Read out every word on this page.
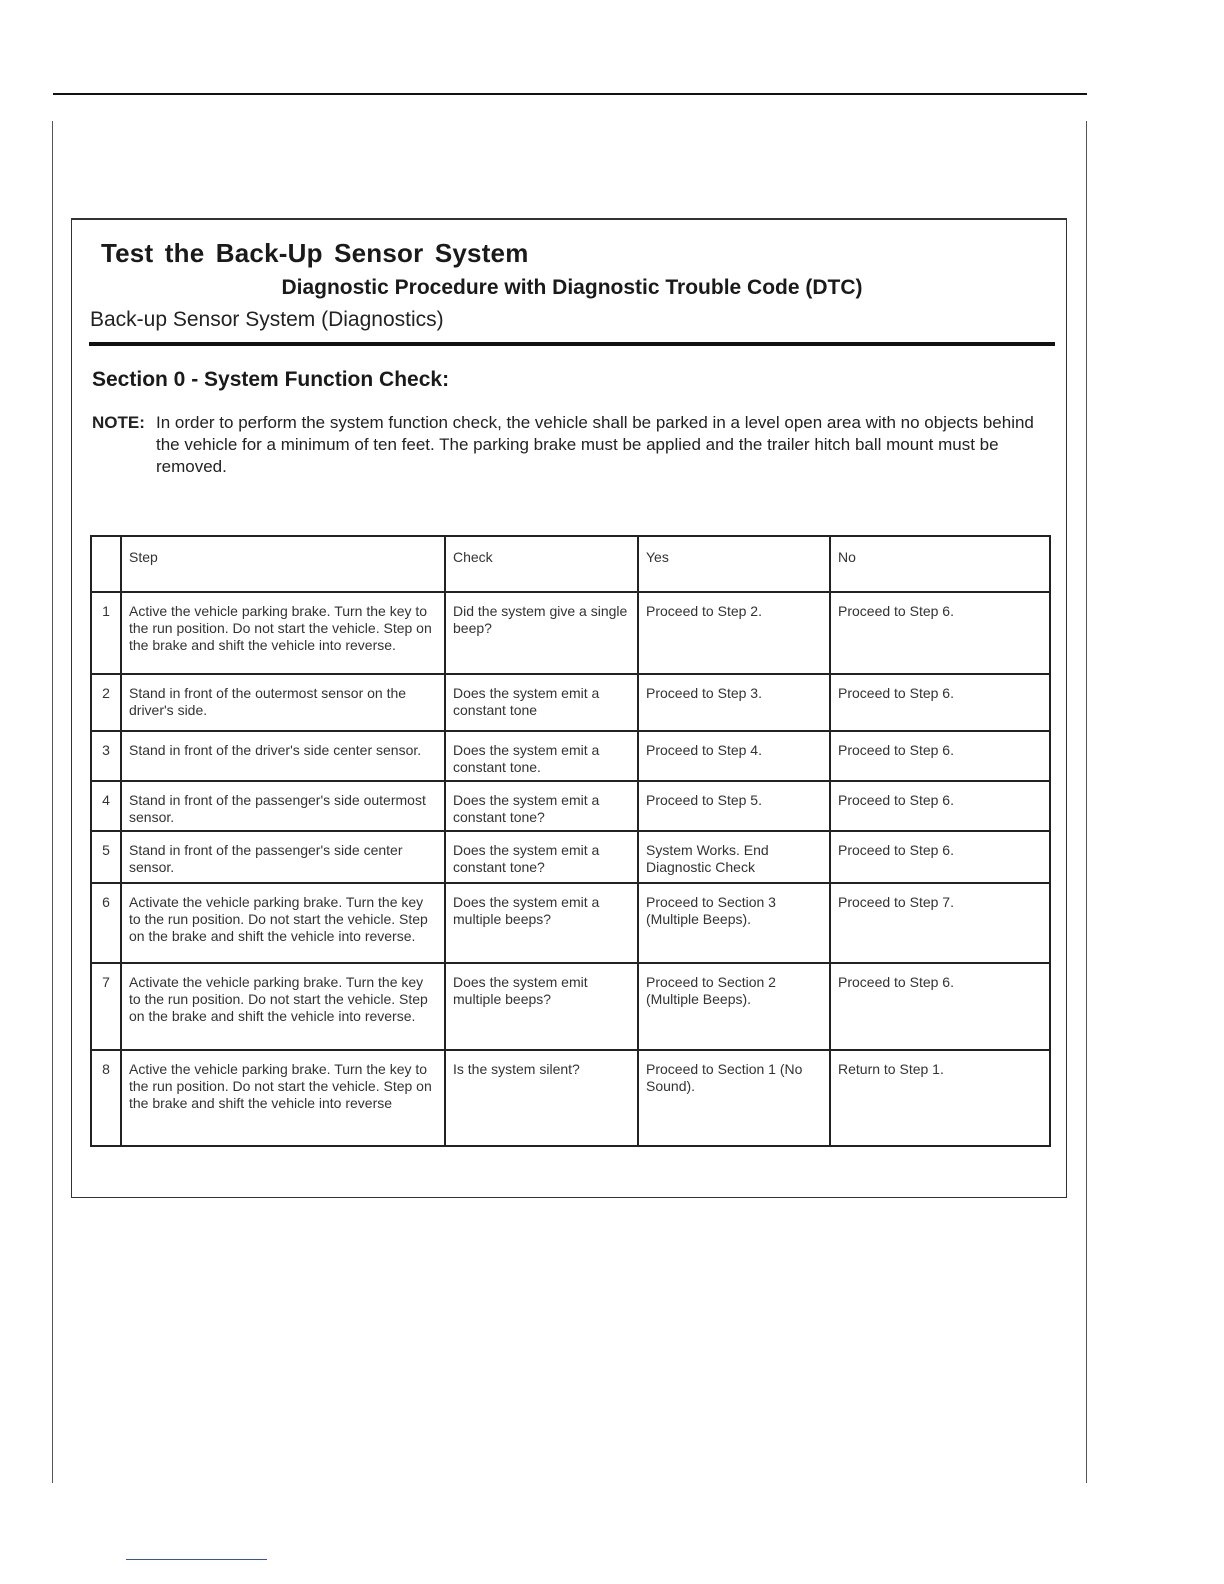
Test the Back-Up Sensor System
Diagnostic Procedure with Diagnostic Trouble Code (DTC)
Back-up Sensor System (Diagnostics)
Section 0 - System Function Check:
NOTE: In order to perform the system function check, the vehicle shall be parked in a level open area with no objects behind the vehicle for a minimum of ten feet. The parking brake must be applied and the trailer hitch ball mount must be removed.
	Step	Check	Yes	No
1	Active the vehicle parking brake. Turn the key to the run position. Do not start the vehicle. Step on the brake and shift the vehicle into reverse.	Did the system give a single beep?	Proceed to Step 2.	Proceed to Step 6.
2	Stand in front of the outermost sensor on the driver's side.	Does the system emit a constant tone	Proceed to Step 3.	Proceed to Step 6.
3	Stand in front of the driver's side center sensor.	Does the system emit a constant tone.	Proceed to Step 4.	Proceed to Step 6.
4	Stand in front of the passenger's side outermost sensor.	Does the system emit a constant tone?	Proceed to Step 5.	Proceed to Step 6.
5	Stand in front of the passenger's side center sensor.	Does the system emit a constant tone?	System Works. End Diagnostic Check	Proceed to Step 6.
6	Activate the vehicle parking brake. Turn the key to the run position. Do not start the vehicle. Step on the brake and shift the vehicle into reverse.	Does the system emit a multiple beeps?	Proceed to Section 3 (Multiple Beeps).	Proceed to Step 7.
7	Activate the vehicle parking brake. Turn the key to the run position. Do not start the vehicle. Step on the brake and shift the vehicle into reverse.	Does the system emit multiple beeps?	Proceed to Section 2 (Multiple Beeps).	Proceed to Step 6.
8	Active the vehicle parking brake. Turn the key to the run position. Do not start the vehicle. Step on the brake and shift the vehicle into reverse	Is the system silent?	Proceed to Section 1 (No Sound).	Return to Step 1.
